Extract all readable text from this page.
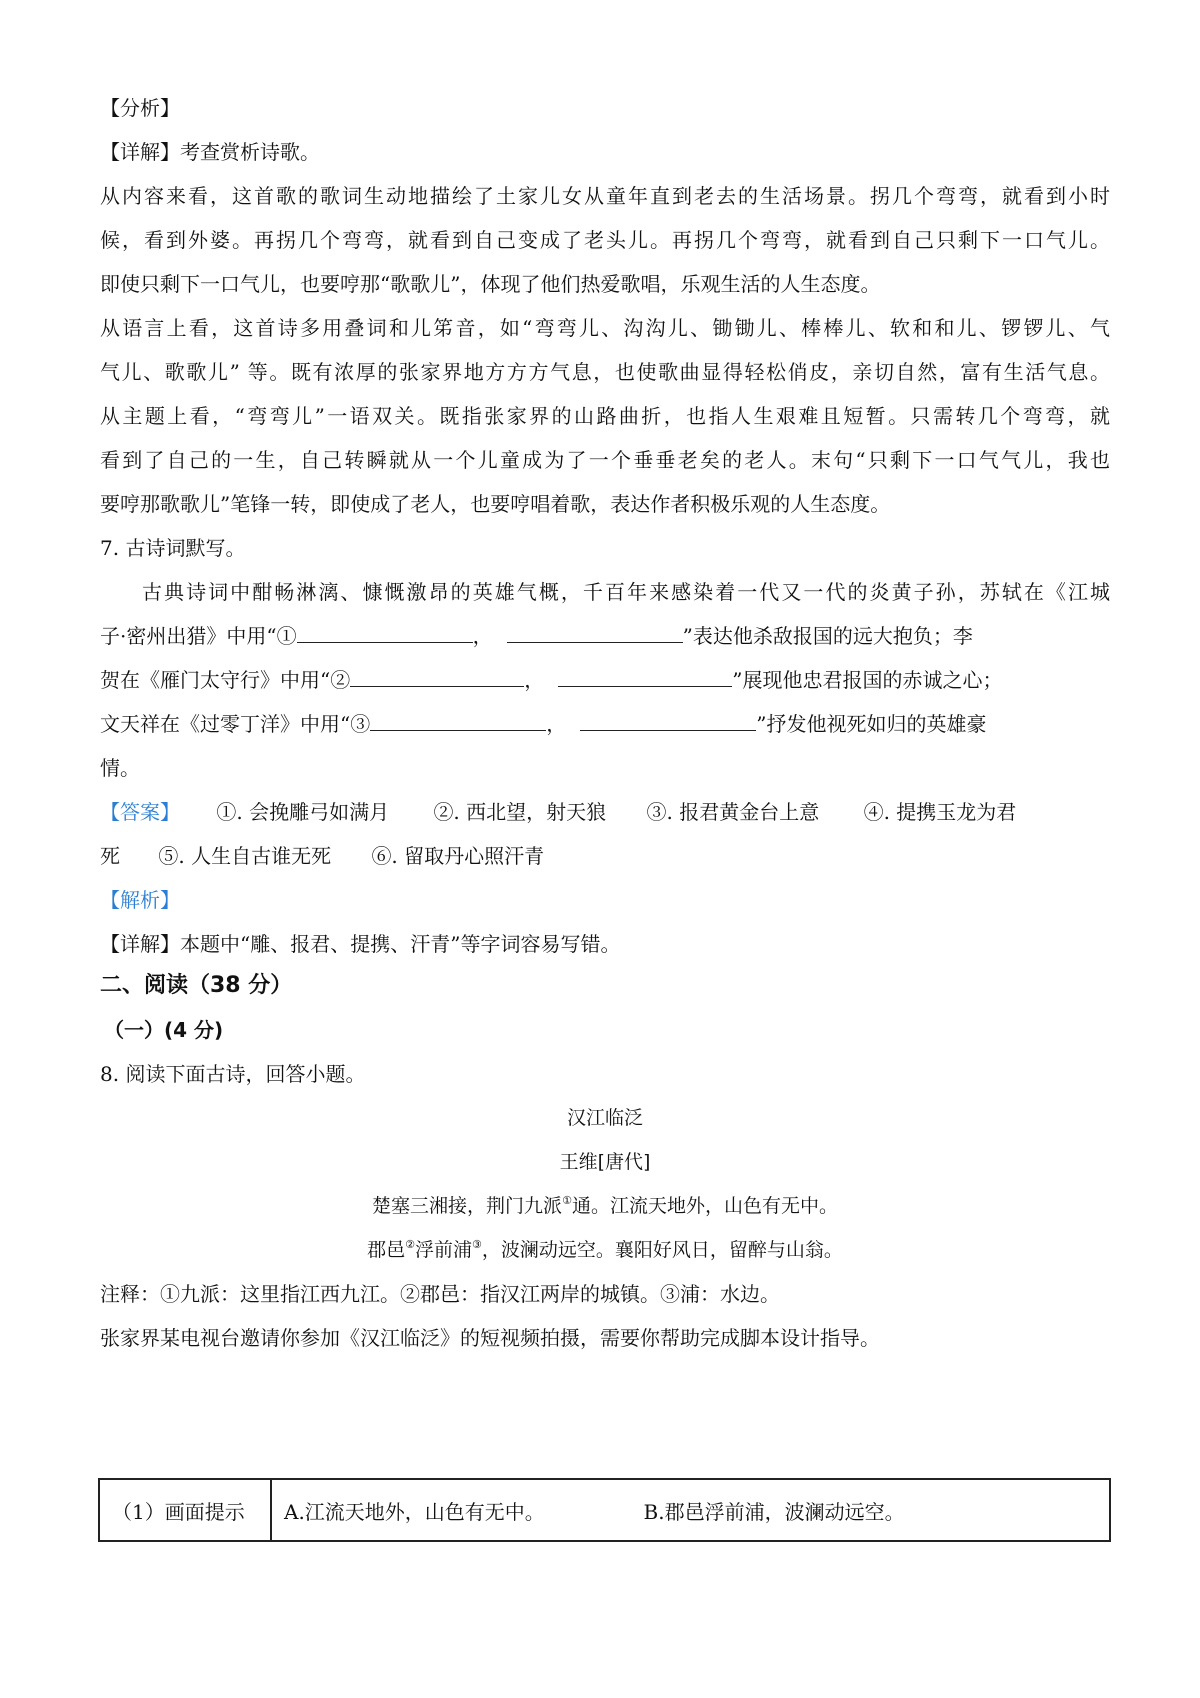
【分析】
【详解】考查赏析诗歌。
从内容来看，这首歌的歌词生动地描绘了土家儿女从童年直到老去的生活场景。拐几个弯弯，就看到小时
候，看到外婆。再拐几个弯弯，就看到自己变成了老头儿。再拐几个弯弯，就看到自己只剩下一口气儿。
即使只剩下一口气儿，也要哼那“歌歌儿”，体现了他们热爱歌唱，乐观生活的人生态度。
从语言上看，这首诗多用叠词和儿笫音，如“弯弯儿、沟沟儿、锄锄儿、棒棒儿、软和和儿、锣锣儿、气
气儿、歌歌儿” 等。既有浓厚的张家界地方方方气息，也使歌曲显得轻松俏皮，亲切自然，富有生活气息。
从主题上看，“弯弯儿”一语双关。既指张家界的山路曲折，也指人生艰难且短暂。只需转几个弯弯，就
看到了自己的一生，自己转瞬就从一个儿童成为了一个垂垂老矣的老人。末句“只剩下一口气气儿，我也
要哼那歌歌儿”笔锋一转，即使成了老人，也要哼唱着歌，表达作者积极乐观的人生态度。
7. 古诗词默写。
古典诗词中酣畅淋漓、慷慨激昂的英雄气概，千百年来感染着一代又一代的炎黄子孙，苏轼在《江城
子·密州出猎》中用“①	，	”表达他杀敌报国的远大抱负；李
贺在《雁门太守行》中用“②	，	”展现他忠君报国的赤诚之心；
文天祥在《过零丁洋》中用“③	，	”抒发他视死如归的英雄豪
情。
【答案】 ①. 会挽雕弓如满月 ②. 西北望，射天狼 ③. 报君黄金台上意 ④. 提携玉龙为君
死 ⑤. 人生自古谁无死 ⑥. 留取丹心照汗青
【解析】
【详解】本题中“雕、报君、提携、汗青”等字词容易写错。
二、阅读（38 分）
（一）(4 分)
8. 阅读下面古诗，回答小题。
汉江临泛
王维[唐代]
楚塞三湘接，荆门九派①通。江流天地外，山色有无中。
郡邑②浮前浦③，波澜动远空。襄阳好风日，留醉与山翁。
注释：①九派：这里指江西九江。②郡邑：指汉江两岸的城镇。③浦：水边。
张家界某电视台邀请你参加《汉江临泛》的短视频拍摄，需要你帮助完成脚本设计指导。
（1）画面提示	A.江流天地外，山色有无中。	B.郡邑浮前浦，波澜动远空。
